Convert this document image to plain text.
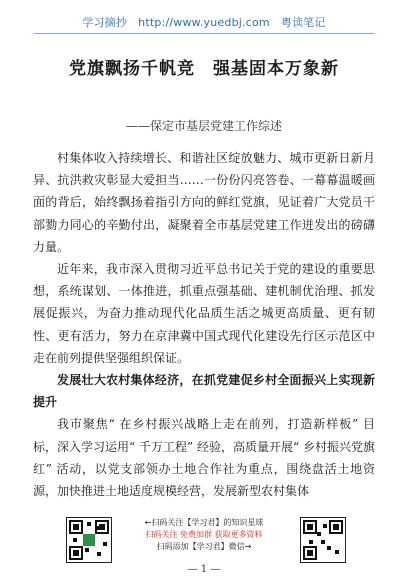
学习摘抄 http://www.yuedbj.com 粤读笔记
党旗飘扬千帆竞 强基固本万象新
——保定市基层党建工作综述

村集体收入持续增长、和谐社区绽放魅力、城市更新日新月异、抗洪救灾彰显大爱担当……一份份闪亮答卷、一幕幕温暖画面的背后，始终飘扬着指引方向的鲜红党旗，见证着广大党员干部勠力同心的辛勤付出，凝聚着全市基层党建工作迸发出的磅礴力量。

近年来，我市深入贯彻习近平总书记关于党的建设的重要思想，系统谋划、一体推进，抓重点强基础、建机制优治理、抓发展促振兴，为奋力推动现代化品质生活之城更高质量、更有韧性、更有活力，努力在京津冀中国式现代化建设先行区示范区中走在前列提供坚强组织保证。

发展壮大农村集体经济，在抓党建促乡村全面振兴上实现新提升

我市聚焦“ 在乡村振兴战略上走在前列，打造新样板” 目标，深入学习运用“ 千万工程” 经验，高质量开展“ 乡村振兴党旗红” 活动，以党支部领办土地合作社为重点，围绕盘活土地资源，加快推进土地适度规模经营，发展新型农村集体

←扫码关注【学习君】的知识星球
扫码关注 免费加群 获取更多资料
扫码添加【学习君】微信→
— 1 —
